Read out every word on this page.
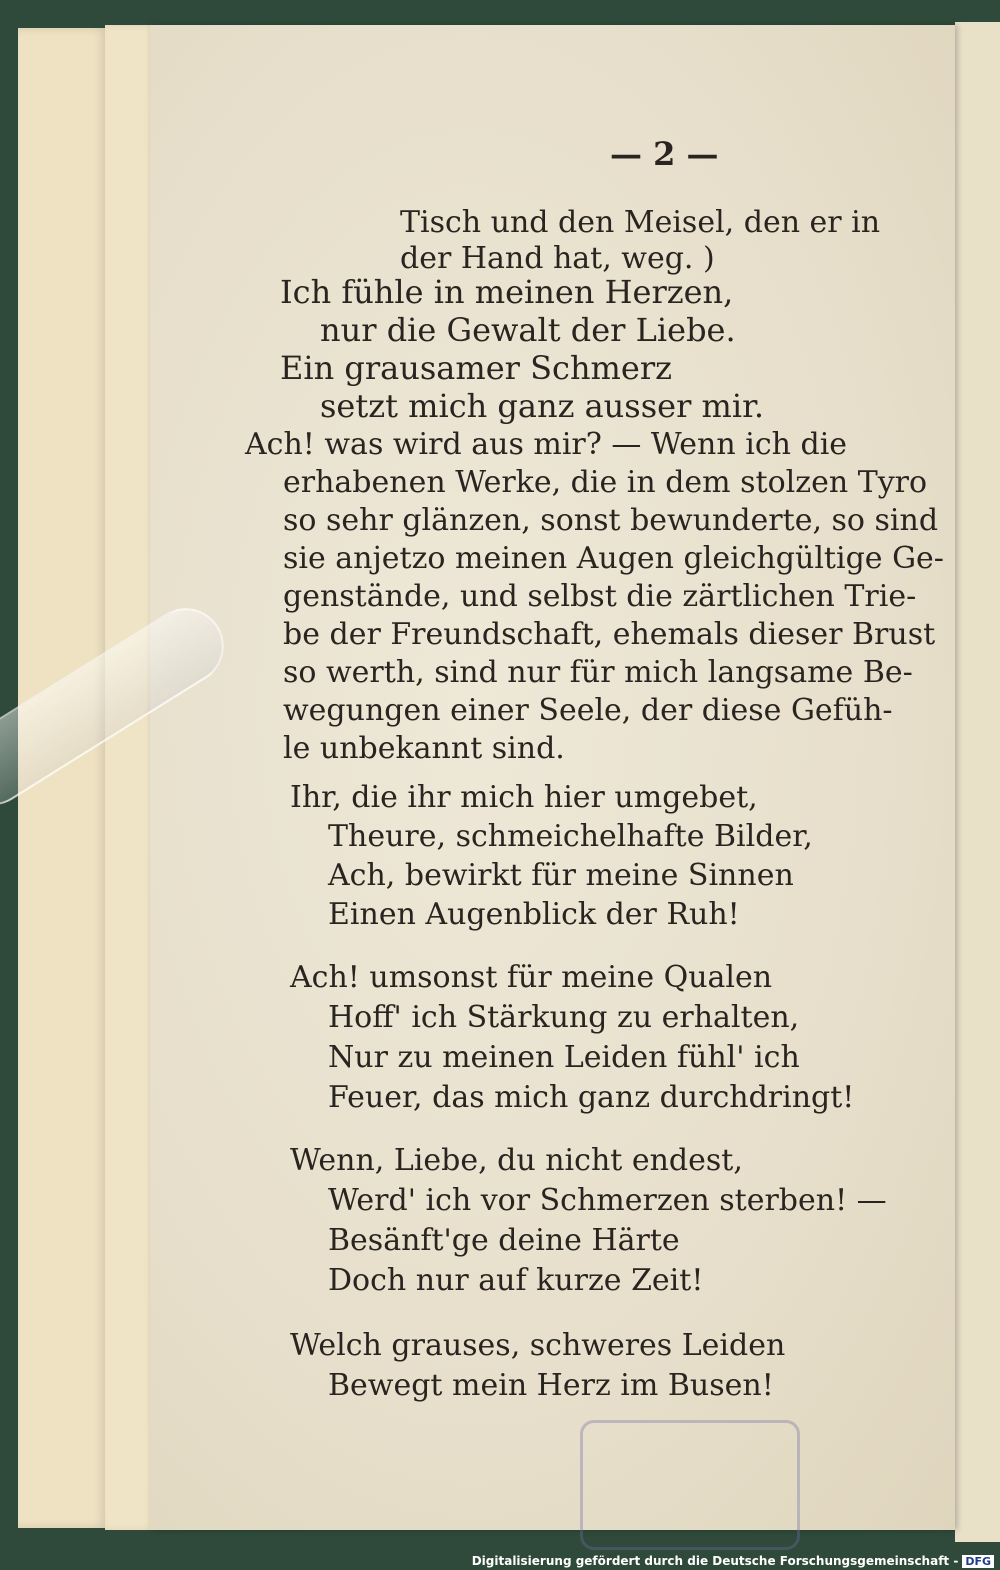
— 2 —
Tisch und den Meisel, den er in
der Hand hat, weg. )
Ich fühle in meinen Herzen,
nur die Gewalt der Liebe.
Ein grausamer Schmerz
setzt mich ganz ausser mir.
Ach! was wird aus mir? — Wenn ich die
erhabenen Werke, die in dem stolzen Tyro
so sehr glänzen, sonst bewunderte, so sind
sie anjetzo meinen Augen gleichgültige Ge-
genstände, und selbst die zärtlichen Trie-
be der Freundschaft, ehemals dieser Brust
so werth, sind nur für mich langsame Be-
wegungen einer Seele, der diese Gefüh-
le unbekannt sind.
Ihr, die ihr mich hier umgebet,
Theure, schmeichelhafte Bilder,
Ach, bewirkt für meine Sinnen
Einen Augenblick der Ruh!
Ach! umsonst für meine Qualen
Hoff' ich Stärkung zu erhalten,
Nur zu meinen Leiden fühl' ich
Feuer, das mich ganz durchdringt!
Wenn, Liebe, du nicht endest,
Werd' ich vor Schmerzen sterben! —
Besänft'ge deine Härte
Doch nur auf kurze Zeit!
Welch grauses, schweres Leiden
Bewegt mein Herz im Busen!
Digitalisierung gefördert durch die Deutsche Forschungsgemeinschaft - DFG
